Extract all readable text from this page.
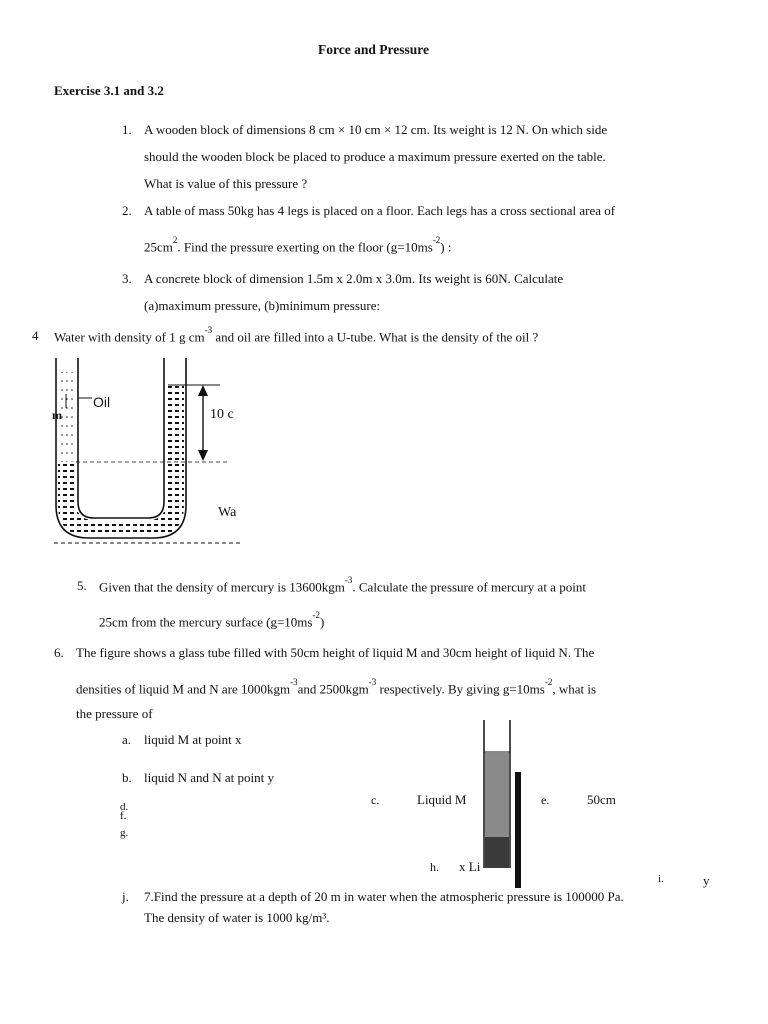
Force and Pressure
Exercise 3.1 and 3.2
1. A wooden block of dimensions 8 cm × 10 cm × 12 cm. Its weight is 12 N. On which side
should the wooden block be placed to produce a maximum pressure exerted on the table.
What is value of this pressure ?
2. A table of mass 50kg has 4 legs is placed on a floor. Each legs has a cross sectional area of
$25cm^2$. Find the pressure exerting on the floor $(g=10ms^{-2})$ :
3. A concrete block of dimension 1.5m x 2.0m x 3.0m. Its weight is 60N. Calculate
(a)maximum pressure, (b)minimum pressure:
4 Water with density of 1 g $cm^{-3}$ and oil are filled into a U-tube. What is the density of the oil ?
Oil
m	10 c
Wa
5. Given that the density of mercury is 13600kgm$^{-3}$. Calculate the pressure of mercury at a point
25cm from the mercury surface $(g=10ms^{-2})$
6. The figure shows a glass tube filled with 50cm height of liquid M and 30cm height of liquid N. The
densities of liquid M and N are 1000kgm$^{-3}$and 2500kgm$^{-3}$ respectively. By giving $g=10ms^{-2}$, what is
the pressure of
a. liquid M at point x
b. liquid N and N at point y
c.	Liquid M	e.	50cm
d.
f.
g.
h. x Li
i.	y
j. 7.Find the pressure at a depth of 20 m in water when the atmospheric pressure is 100000 Pa.
The density of water is 1000 kg/m³.
